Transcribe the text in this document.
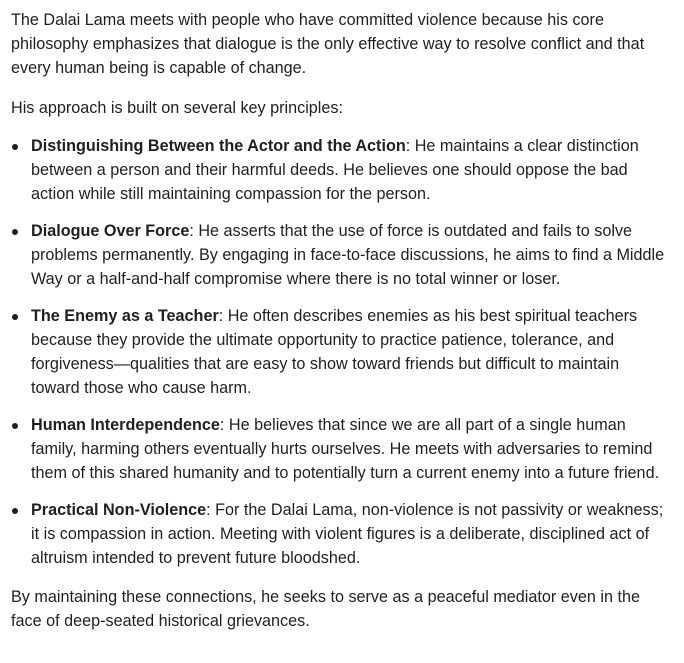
The Dalai Lama meets with people who have committed violence because his core philosophy emphasizes that dialogue is the only effective way to resolve conflict and that every human being is capable of change.

His approach is built on several key principles:

Distinguishing Between the Actor and the Action: He maintains a clear distinction between a person and their harmful deeds. He believes one should oppose the bad action while still maintaining compassion for the person.
Dialogue Over Force: He asserts that the use of force is outdated and fails to solve problems permanently. By engaging in face-to-face discussions, he aims to find a Middle Way or a half-and-half compromise where there is no total winner or loser.
The Enemy as a Teacher: He often describes enemies as his best spiritual teachers because they provide the ultimate opportunity to practice patience, tolerance, and forgiveness—qualities that are easy to show toward friends but difficult to maintain toward those who cause harm.
Human Interdependence: He believes that since we are all part of a single human family, harming others eventually hurts ourselves. He meets with adversaries to remind them of this shared humanity and to potentially turn a current enemy into a future friend.
Practical Non-Violence: For the Dalai Lama, non-violence is not passivity or weakness; it is compassion in action. Meeting with violent figures is a deliberate, disciplined act of altruism intended to prevent future bloodshed.

By maintaining these connections, he seeks to serve as a peaceful mediator even in the face of deep-seated historical grievances.
